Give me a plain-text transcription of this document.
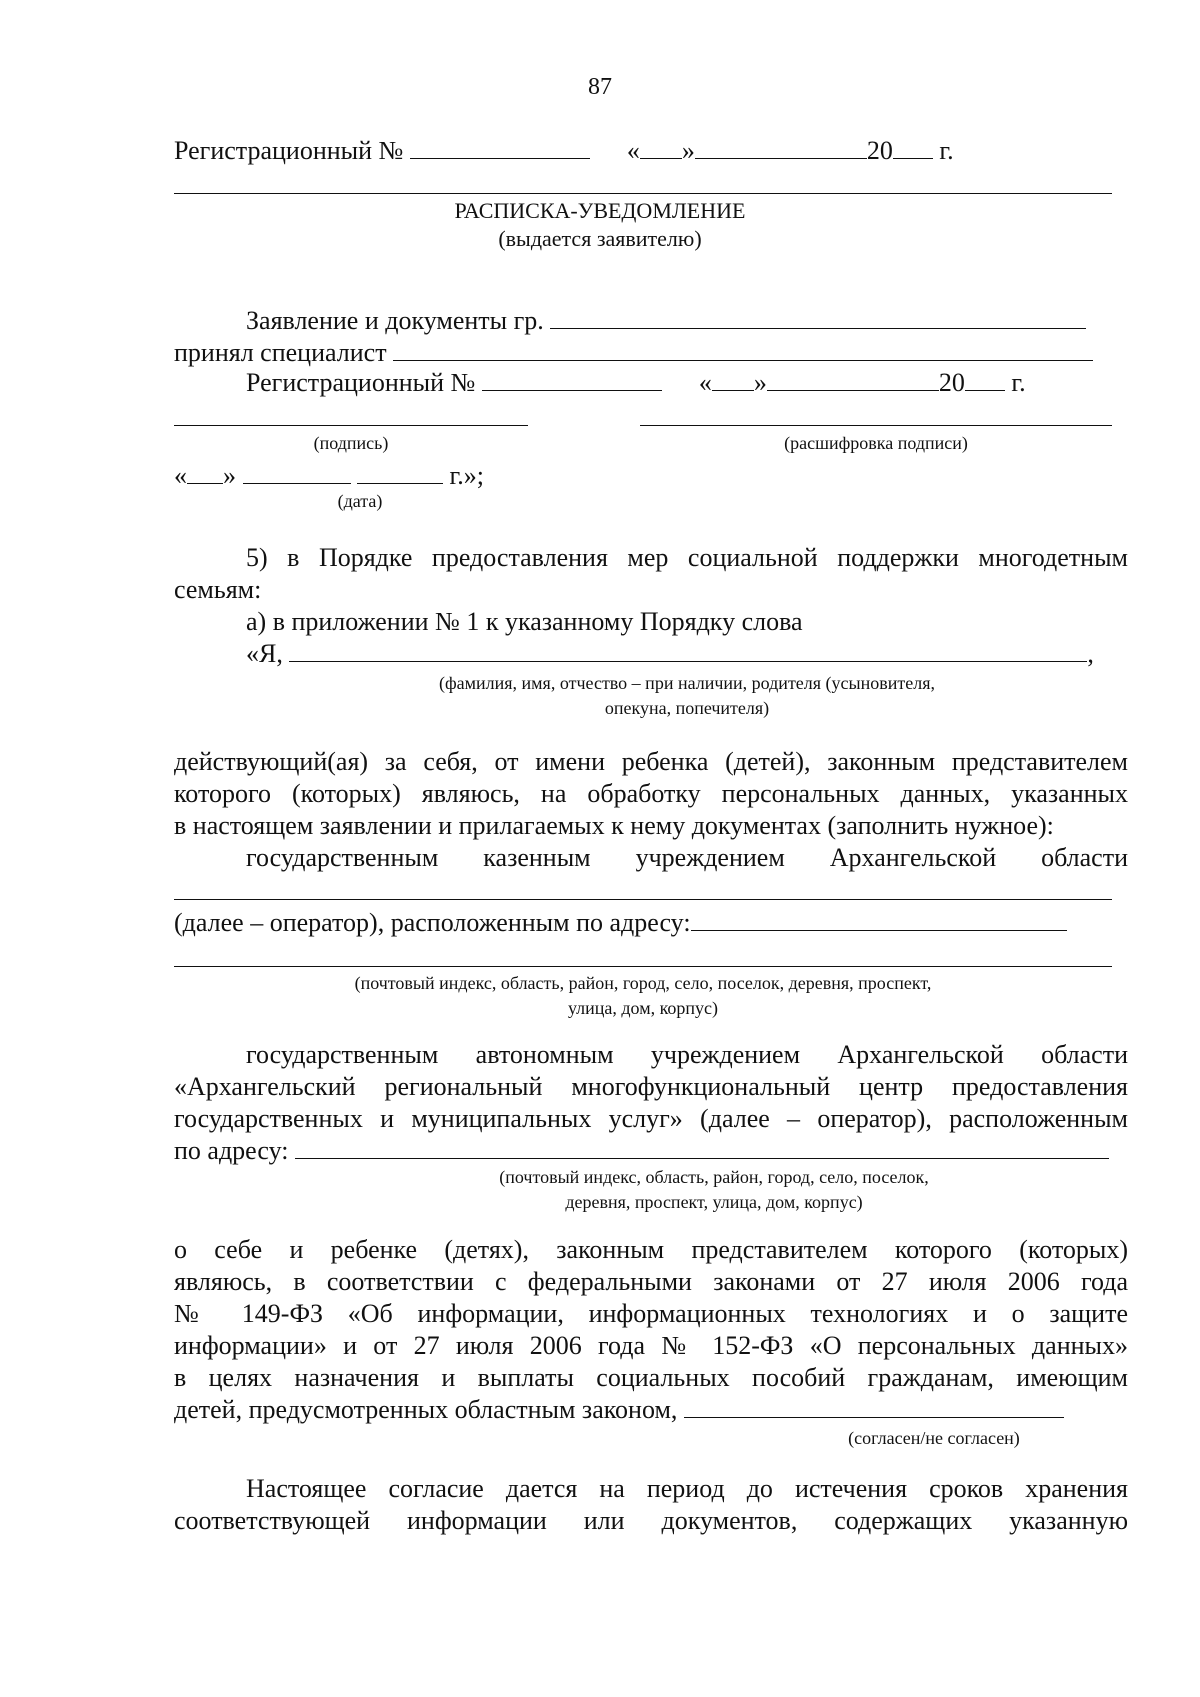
87
Регистрационный №	« »	20 г.
РАСПИСКА-УВЕДОМЛЕНИЕ
(выдается заявителю)
Заявление и документы гр.
принял специалист
Регистрационный №	« »	20 г.
(подпись)	(расшифровка подписи)
« »	г.»;
(дата)
5) в Порядке предоставления мер социальной поддержки многодетным
семьям:
а) в приложении № 1 к указанному Порядку слова
«Я,	,
(фамилия, имя, отчество – при наличии, родителя (усыновителя,
опекуна, попечителя)
действующий(ая) за себя, от имени ребенка (детей), законным представителем
которого (которых) являюсь, на обработку персональных данных, указанных
в настоящем заявлении и прилагаемых к нему документах (заполнить нужное):
государственным казенным учреждением Архангельской области
(далее – оператор), расположенным по адресу:
(почтовый индекс, область, район, город, село, поселок, деревня, проспект,
улица, дом, корпус)
государственным автономным учреждением Архангельской области
«Архангельский региональный многофункциональный центр предоставления
государственных и муниципальных услуг» (далее – оператор), расположенным
по адресу:
(почтовый индекс, область, район, город, село, поселок,
деревня, проспект, улица, дом, корпус)
о себе и ребенке (детях), законным представителем которого (которых)
являюсь, в соответствии с федеральными законами от 27 июля 2006 года
№ 149-ФЗ «Об информации, информационных технологиях и о защите
информации» и от 27 июля 2006 года № 152-ФЗ «О персональных данных»
в целях назначения и выплаты социальных пособий гражданам, имеющим
детей, предусмотренных областным законом,
(согласен/не согласен)
Настоящее согласие дается на период до истечения сроков хранения
соответствующей информации или документов, содержащих указанную
